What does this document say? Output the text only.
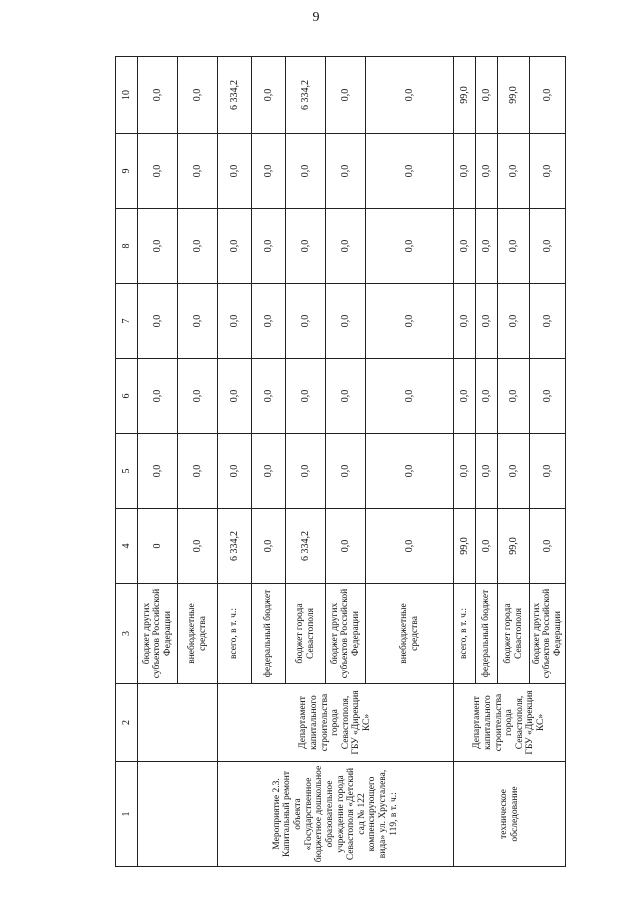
9
1	2	3	4	5	6	7	8	9	10
		бюджет других субъектов Российской Федерации	0	0,0	0,0	0,0	0,0	0,0	0,0
		внебюджетные средства	0,0	0,0	0,0	0,0	0,0	0,0	0,0
Мероприятие 2.3. Капитальный ремонт объекта «Государственное бюджетное дошкольное образовательное учреждение города Севастополя «Детский сад № 122 компенсирующего вида» ул. Хрусталева, 119, в т. ч.:	Департамент капитального строительства города Севастополя, ГБУ «Дирекция КС»	всего, в т. ч.:	6 334,2	0,0	0,0	0,0	0,0	0,0	6 334,2
		федеральный бюджет	0,0	0,0	0,0	0,0	0,0	0,0	0,0
		бюджет города Севастополя	6 334,2	0,0	0,0	0,0	0,0	0,0	6 334,2
		бюджет других субъектов Российской Федерации	0,0	0,0	0,0	0,0	0,0	0,0	0,0
		внебюджетные средства	0,0	0,0	0,0	0,0	0,0	0,0	0,0
техническое обследование	Департамент капитального строительства города Севастополя, ГБУ «Дирекция КС»	всего, в т. ч.:	99,0	0,0	0,0	0,0	0,0	0,0	99,0
		федеральный бюджет	0,0	0,0	0,0	0,0	0,0	0,0	0,0
		бюджет города Севастополя	99,0	0,0	0,0	0,0	0,0	0,0	99,0
		бюджет других субъектов Российской Федерации	0,0	0,0	0,0	0,0	0,0	0,0	0,0
